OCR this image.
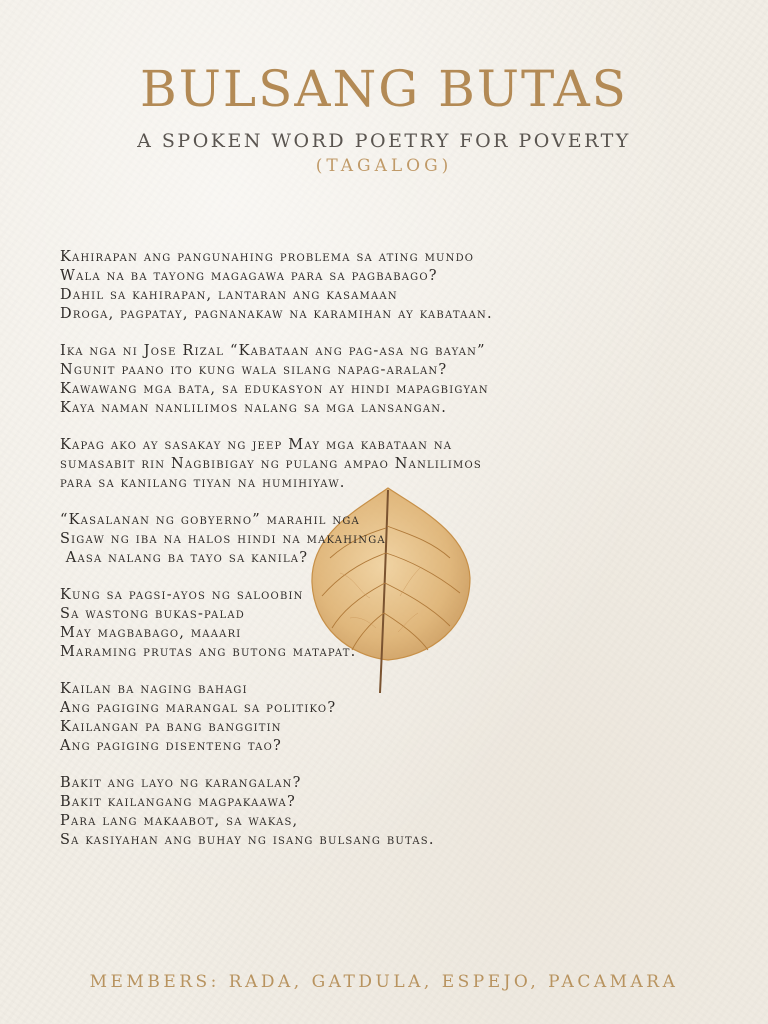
BULSANG BUTAS
A SPOKEN WORD POETRY FOR POVERTY
(TAGALOG)
Kahirapan ang pangunahing problema sa ating mundo
Wala na ba tayong magagawa para sa pagbabago?
Dahil sa kahirapan, lantaran ang kasamaan
Droga, pagpatay, pagnanakaw na karamihan ay kabataan.
Ika nga ni Jose Rizal “Kabataan ang pag-asa ng bayan”
Ngunit paano ito kung wala silang napag-aralan?
Kawawang mga bata, sa edukasyon ay hindi mapagbigyan
Kaya naman nanlilimos nalang sa mga lansangan.
Kapag ako ay sasakay ng jeep May mga kabataan na
sumasabit rin Nagbibigay ng pulang ampao Nanlilimos
para sa kanilang tiyan na humihiyaw.
“Kasalanan ng gobyerno” marahil nga
Sigaw ng iba na halos hindi na makahinga
Aasa nalang ba tayo sa kanila?
Kung sa pagsi-ayos ng saloobin
Sa wastong bukas-palad
May magbabago, maaari
Maraming prutas ang butong matapat.
Kailan ba naging bahagi
Ang pagiging marangal sa politiko?
Kailangan pa bang banggitin
Ang pagiging disenteng tao?
Bakit ang layo ng karangalan?
Bakit kailangang magpakaawa?
Para lang makaabot, sa wakas,
Sa kasiyahan ang buhay ng isang bulsang butas.
MEMBERS: RADA, GATDULA, ESPEJO, PACAMARA
